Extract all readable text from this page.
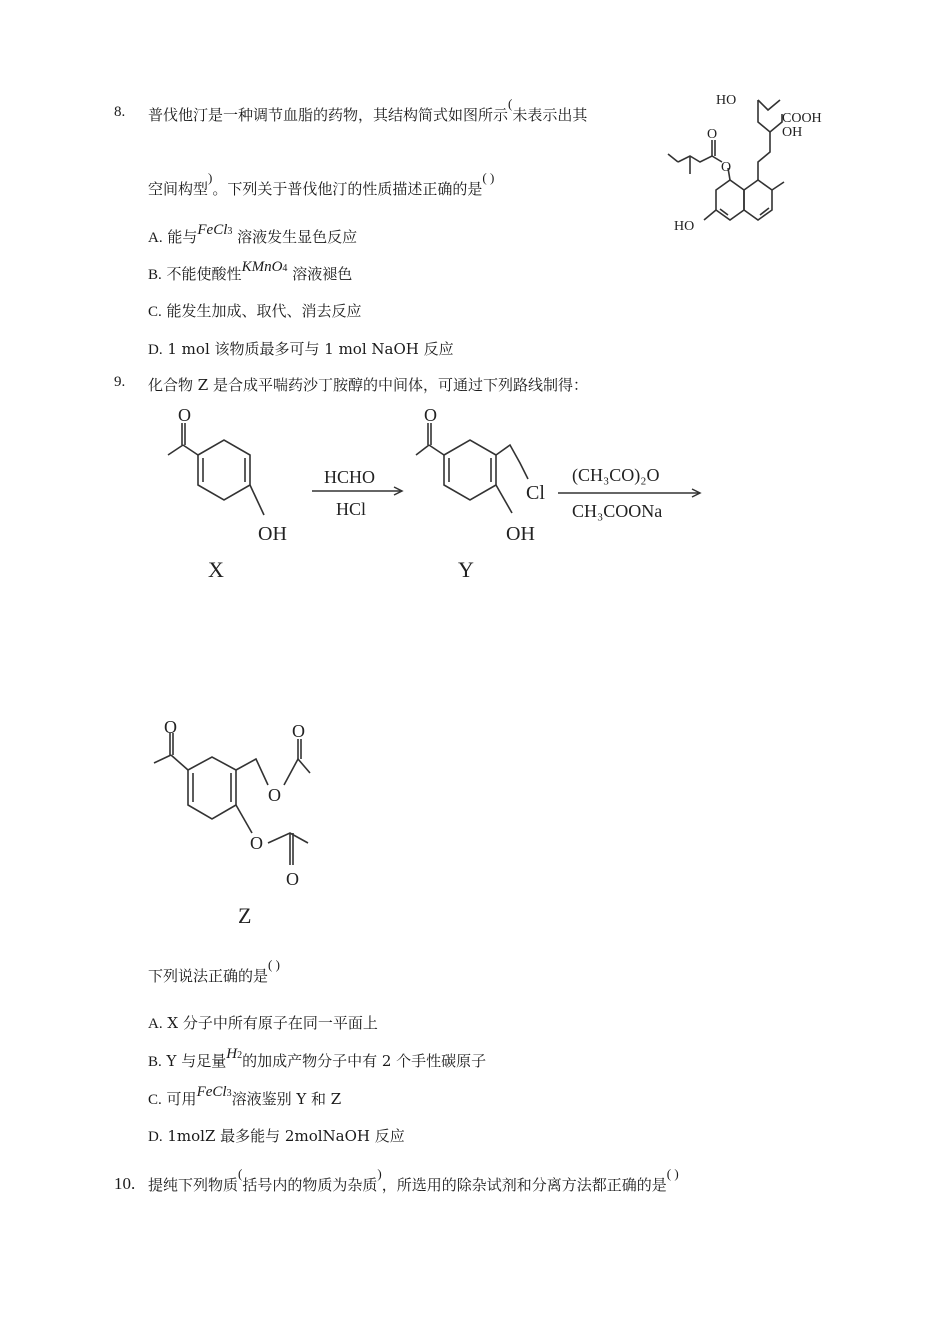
8. 普伐他汀是一种调节血脂的药物，其结构简式如图所示(未表示出其
空间构型)。下列关于普伐他汀的性质描述正确的是( )
A. 能与FeCl3 溶液发生显色反应
B. 不能使酸性KMnO4 溶液褪色
C. 能发生加成、取代、消去反应
D. 1 mol 该物质最多可与 1 mol NaOH 反应
HO
COOH
OH
O
O
HO
9. 化合物 Z 是合成平喘药沙丁胺醇的中间体，可通过下列路线制得：
O
OH
X
HCHO
HCl
O
Cl
OH
Y
(CH₃CO)₂O
CH₃COONa
O	O
O
O
O
Z
下列说法正确的是( )
A. X 分子中所有原子在同一平面上
B. Y 与足量H2的加成产物分子中有 2 个手性碳原子
C. 可用FeCl3溶液鉴别 Y 和 Z
D. 1molZ 最多能与 2molNaOH 反应
10. 提纯下列物质(括号内的物质为杂质)，所选用的除杂试剂和分离方法都正确的是( )
